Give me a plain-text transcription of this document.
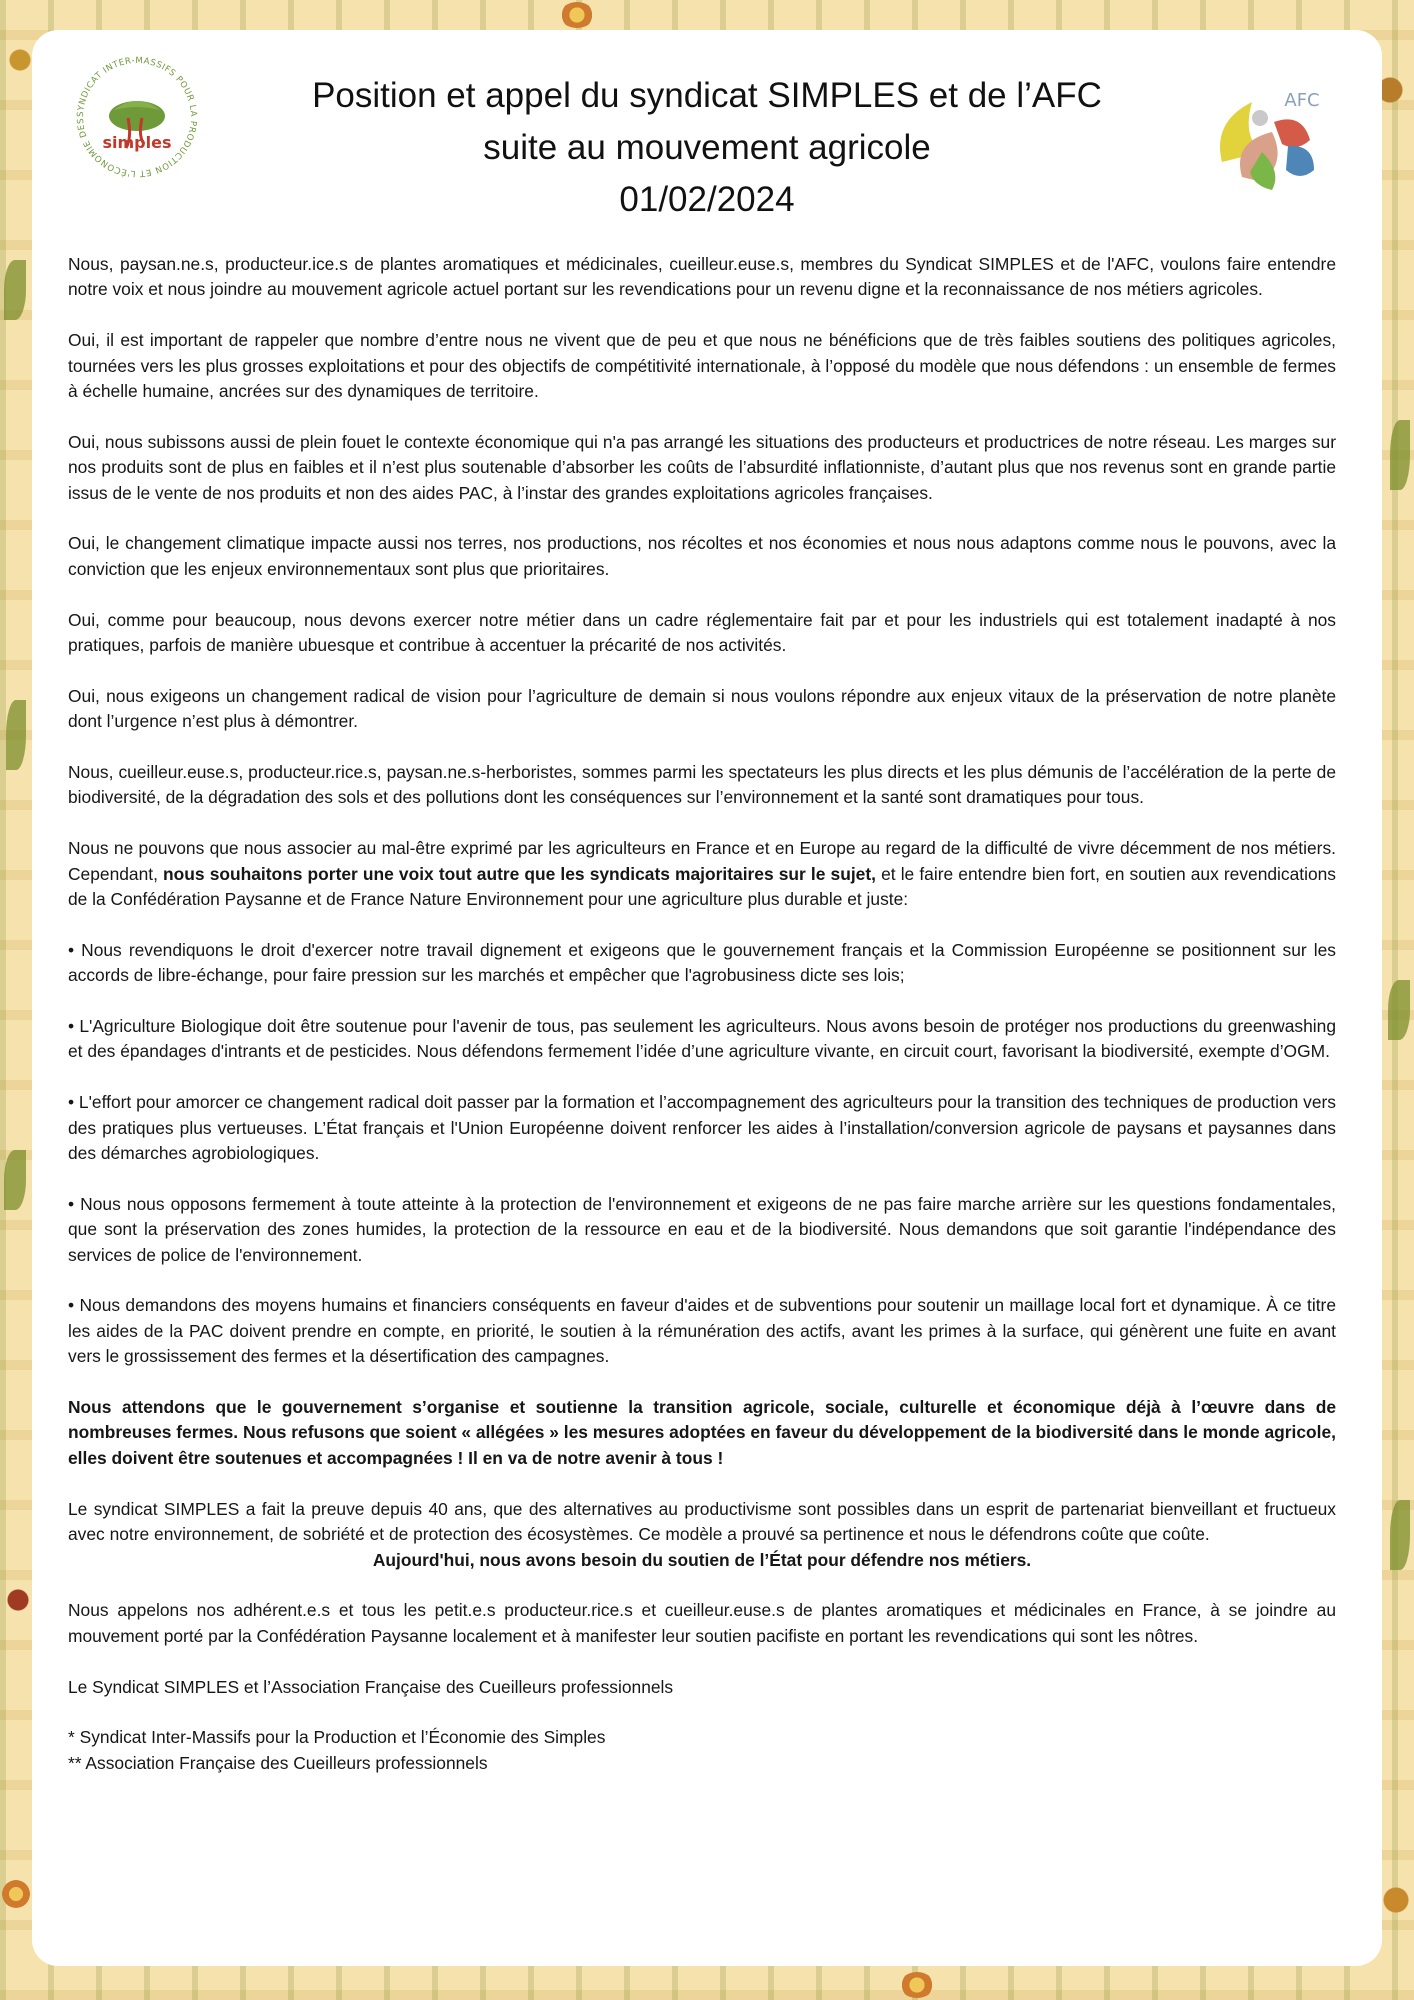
SYNDICAT INTER-MASSIFS POUR LA PRODUCTION ET L'ÉCONOMIE DES
simples
Position et appel du syndicat SIMPLES et de l’AFC
suite au mouvement agricole
01/02/2024
AFC

Nous, paysan.ne.s, producteur.ice.s de plantes aromatiques et médicinales, cueilleur.euse.s, membres du Syndicat SIMPLES et de l'AFC, voulons faire entendre notre voix et nous joindre au mouvement agricole actuel portant sur les revendications pour un revenu digne et la reconnaissance de nos métiers agricoles.

Oui, il est important de rappeler que nombre d’entre nous ne vivent que de peu et que nous ne bénéficions que de très faibles soutiens des politiques agricoles, tournées vers les plus grosses exploitations et pour des objectifs de compétitivité internationale, à l’opposé du modèle que nous défendons : un ensemble de fermes à échelle humaine, ancrées sur des dynamiques de territoire.

Oui, nous subissons aussi de plein fouet le contexte économique qui n'a pas arrangé les situations des producteurs et productrices de notre réseau. Les marges sur nos produits sont de plus en faibles et il n’est plus soutenable d’absorber les coûts de l’absurdité inflationniste, d’autant plus que nos revenus sont en grande partie issus de le vente de nos produits et non des aides PAC, à l’instar des grandes exploitations agricoles françaises.

Oui, le changement climatique impacte aussi nos terres, nos productions, nos récoltes et nos économies et nous nous adaptons comme nous le pouvons, avec la conviction que les enjeux environnementaux sont plus que prioritaires.

Oui, comme pour beaucoup, nous devons exercer notre métier dans un cadre réglementaire fait par et pour les industriels qui est totalement inadapté à nos pratiques, parfois de manière ubuesque et contribue à accentuer la précarité de nos activités.

Oui, nous exigeons un changement radical de vision pour l’agriculture de demain si nous voulons répondre aux enjeux vitaux de la préservation de notre planète dont l’urgence n’est plus à démontrer.

Nous, cueilleur.euse.s, producteur.rice.s, paysan.ne.s-herboristes, sommes parmi les spectateurs les plus directs et les plus démunis de l’accélération de la perte de biodiversité, de la dégradation des sols et des pollutions dont les conséquences sur l’environnement et la santé sont dramatiques pour tous.

Nous ne pouvons que nous associer au mal-être exprimé par les agriculteurs en France et en Europe au regard de la difficulté de vivre décemment de nos métiers. Cependant, nous souhaitons porter une voix tout autre que les syndicats majoritaires sur le sujet, et le faire entendre bien fort, en soutien aux revendications de la Confédération Paysanne et de France Nature Environnement pour une agriculture plus durable et juste:

• Nous revendiquons le droit d'exercer notre travail dignement et exigeons que le gouvernement français et la Commission Européenne se positionnent sur les accords de libre-échange, pour faire pression sur les marchés et empêcher que l'agrobusiness dicte ses lois;

• L'Agriculture Biologique doit être soutenue pour l'avenir de tous, pas seulement les agriculteurs. Nous avons besoin de protéger nos productions du greenwashing et des épandages d'intrants et de pesticides. Nous défendons fermement l’idée d’une agriculture vivante, en circuit court, favorisant la biodiversité, exempte d’OGM.

• L'effort pour amorcer ce changement radical doit passer par la formation et l’accompagnement des agriculteurs pour la transition des techniques de production vers des pratiques plus vertueuses. L’État français et l'Union Européenne doivent renforcer les aides à l’installation/conversion agricole de paysans et paysannes dans des démarches agrobiologiques.

• Nous nous opposons fermement à toute atteinte à la protection de l'environnement et exigeons de ne pas faire marche arrière sur les questions fondamentales, que sont la préservation des zones humides, la protection de la ressource en eau et de la biodiversité. Nous demandons que soit garantie l'indépendance des services de police de l'environnement.

• Nous demandons des moyens humains et financiers conséquents en faveur d'aides et de subventions pour soutenir un maillage local fort et dynamique. À ce titre les aides de la PAC doivent prendre en compte, en priorité, le soutien à la rémunération des actifs, avant les primes à la surface, qui génèrent une fuite en avant vers le grossissement des fermes et la désertification des campagnes.

Nous attendons que le gouvernement s’organise et soutienne la transition agricole, sociale, culturelle et économique déjà à l’œuvre dans de nombreuses fermes. Nous refusons que soient « allégées » les mesures adoptées en faveur du développement de la biodiversité dans le monde agricole, elles doivent être soutenues et accompagnées ! Il en va de notre avenir à tous !

Le syndicat SIMPLES a fait la preuve depuis 40 ans, que des alternatives au productivisme sont possibles dans un esprit de partenariat bienveillant et fructueux avec notre environnement, de sobriété et de protection des écosystèmes. Ce modèle a prouvé sa pertinence et nous le défendrons coûte que coûte.

Aujourd'hui, nous avons besoin du soutien de l’État pour défendre nos métiers.

Nous appelons nos adhérent.e.s et tous les petit.e.s producteur.rice.s et cueilleur.euse.s de plantes aromatiques et médicinales en France, à se joindre au mouvement porté par la Confédération Paysanne localement et à manifester leur soutien pacifiste en portant les revendications qui sont les nôtres.

Le Syndicat SIMPLES et l’Association Française des Cueilleurs professionnels

* Syndicat Inter-Massifs pour la Production et l’Économie des Simples

** Association Française des Cueilleurs professionnels
